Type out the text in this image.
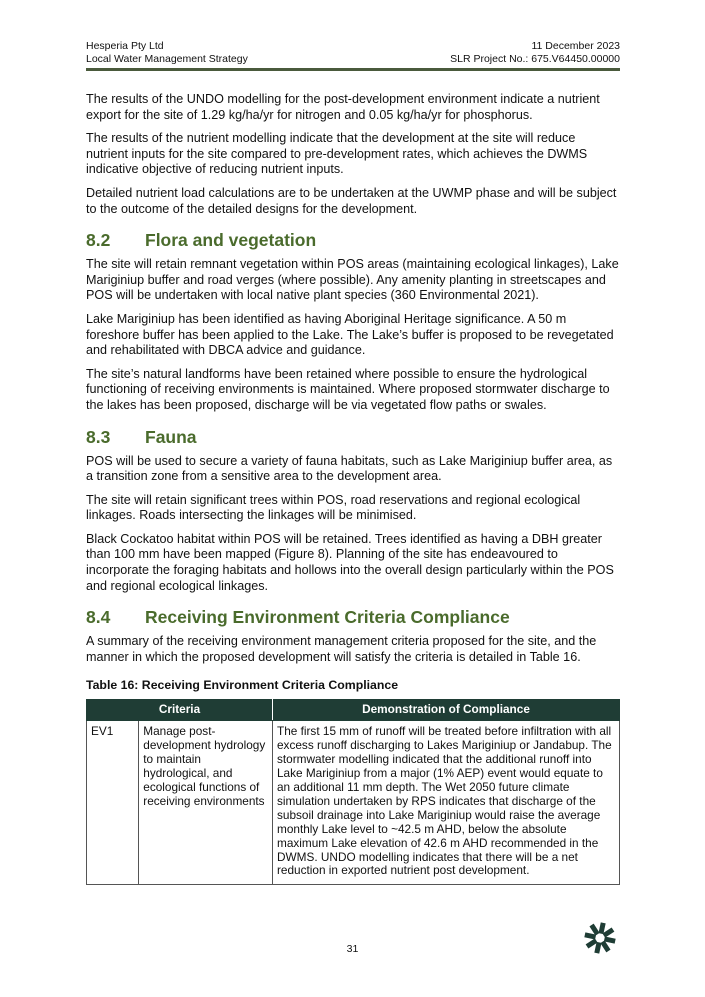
Hesperia Pty Ltd	11 December 2023
Local Water Management Strategy	SLR Project No.: 675.V64450.00000

The results of the UNDO modelling for the post-development environment indicate a nutrient export for the site of 1.29 kg/ha/yr for nitrogen and 0.05 kg/ha/yr for phosphorus.

The results of the nutrient modelling indicate that the development at the site will reduce nutrient inputs for the site compared to pre-development rates, which achieves the DWMS indicative objective of reducing nutrient inputs.

Detailed nutrient load calculations are to be undertaken at the UWMP phase and will be subject to the outcome of the detailed designs for the development.

8.2	Flora and vegetation

The site will retain remnant vegetation within POS areas (maintaining ecological linkages), Lake Mariginiup buffer and road verges (where possible). Any amenity planting in streetscapes and POS will be undertaken with local native plant species (360 Environmental 2021).

Lake Mariginiup has been identified as having Aboriginal Heritage significance. A 50 m foreshore buffer has been applied to the Lake. The Lake’s buffer is proposed to be revegetated and rehabilitated with DBCA advice and guidance.

The site’s natural landforms have been retained where possible to ensure the hydrological functioning of receiving environments is maintained. Where proposed stormwater discharge to the lakes has been proposed, discharge will be via vegetated flow paths or swales.

8.3	Fauna

POS will be used to secure a variety of fauna habitats, such as Lake Mariginiup buffer area, as a transition zone from a sensitive area to the development area.

The site will retain significant trees within POS, road reservations and regional ecological linkages. Roads intersecting the linkages will be minimised.

Black Cockatoo habitat within POS will be retained. Trees identified as having a DBH greater than 100 mm have been mapped (Figure 8). Planning of the site has endeavoured to incorporate the foraging habitats and hollows into the overall design particularly within the POS and regional ecological linkages.

8.4	Receiving Environment Criteria Compliance

A summary of the receiving environment management criteria proposed for the site, and the manner in which the proposed development will satisfy the criteria is detailed in Table 16.

Table 16: Receiving Environment Criteria Compliance
Criteria		Demonstration of Compliance
EV1	Manage post-development hydrology to maintain hydrological, and ecological functions of receiving environments	The first 15 mm of runoff will be treated before infiltration with all excess runoff discharging to Lakes Mariginiup or Jandabup. The stormwater modelling indicated that the additional runoff into Lake Mariginiup from a major (1% AEP) event would equate to an additional 11 mm depth. The Wet 2050 future climate simulation undertaken by RPS indicates that discharge of the subsoil drainage into Lake Mariginiup would raise the average monthly Lake level to ~42.5 m AHD, below the absolute maximum Lake elevation of 42.6 m AHD recommended in the DWMS. UNDO modelling indicates that there will be a net reduction in exported nutrient post development.
31
